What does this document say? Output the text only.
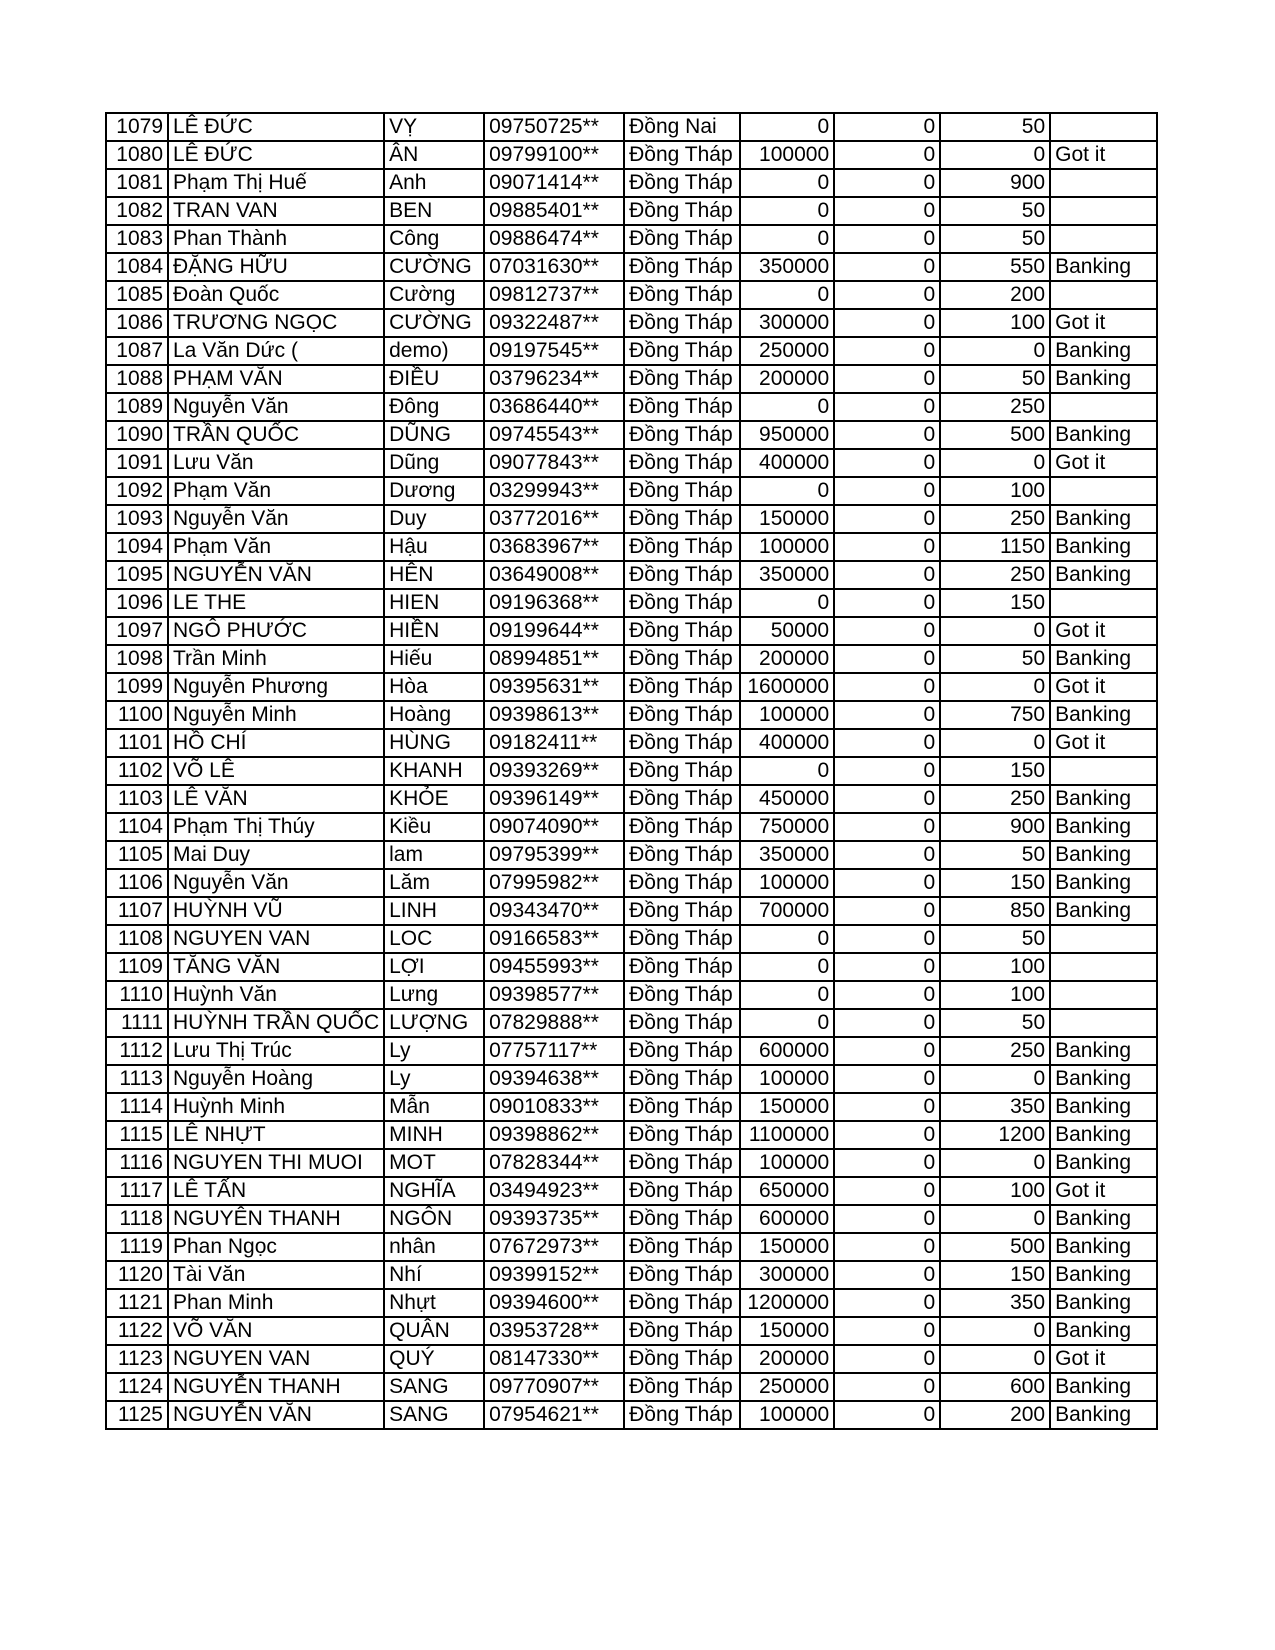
1079	LÊ ĐỨC	VỴ	09750725**	Đồng Nai	0	0	50	
1080	LÊ ĐỨC	ÂN	09799100**	Đồng Tháp	100000	0	0	Got it
1081	Phạm Thị Huế	Anh	09071414**	Đồng Tháp	0	0	900	
1082	TRAN VAN	BEN	09885401**	Đồng Tháp	0	0	50	
1083	Phan Thành	Công	09886474**	Đồng Tháp	0	0	50	
1084	ĐẶNG HỮU	CƯỜNG	07031630**	Đồng Tháp	350000	0	550	Banking
1085	Đoàn Quốc	Cường	09812737**	Đồng Tháp	0	0	200	
1086	TRƯƠNG NGỌC	CƯỜNG	09322487**	Đồng Tháp	300000	0	100	Got it
1087	La Văn Dức (	demo)	09197545**	Đồng Tháp	250000	0	0	Banking
1088	PHẠM VĂN	ĐIỀU	03796234**	Đồng Tháp	200000	0	50	Banking
1089	Nguyễn Văn	Đông	03686440**	Đồng Tháp	0	0	250	
1090	TRẦN QUỐC	DŨNG	09745543**	Đồng Tháp	950000	0	500	Banking
1091	Lưu Văn	Dũng	09077843**	Đồng Tháp	400000	0	0	Got it
1092	Phạm Văn	Dương	03299943**	Đồng Tháp	0	0	100	
1093	Nguyễn Văn	Duy	03772016**	Đồng Tháp	150000	0	250	Banking
1094	Phạm Văn	Hậu	03683967**	Đồng Tháp	100000	0	1150	Banking
1095	NGUYỄN VĂN	HÊN	03649008**	Đồng Tháp	350000	0	250	Banking
1096	LE THE	HIEN	09196368**	Đồng Tháp	0	0	150	
1097	NGÔ PHƯỚC	HIỀN	09199644**	Đồng Tháp	50000	0	0	Got it
1098	Trần Minh	Hiếu	08994851**	Đồng Tháp	200000	0	50	Banking
1099	Nguyễn Phương	Hòa	09395631**	Đồng Tháp	1600000	0	0	Got it
1100	Nguyễn Minh	Hoàng	09398613**	Đồng Tháp	100000	0	750	Banking
1101	HỒ CHÍ	HÙNG	09182411**	Đồng Tháp	400000	0	0	Got it
1102	VÕ LÊ	KHANH	09393269**	Đồng Tháp	0	0	150	
1103	LÊ VĂN	KHỎE	09396149**	Đồng Tháp	450000	0	250	Banking
1104	Phạm Thị Thúy	Kiều	09074090**	Đồng Tháp	750000	0	900	Banking
1105	Mai Duy	lam	09795399**	Đồng Tháp	350000	0	50	Banking
1106	Nguyễn Văn	Lăm	07995982**	Đồng Tháp	100000	0	150	Banking
1107	HUỲNH VŨ	LINH	09343470**	Đồng Tháp	700000	0	850	Banking
1108	NGUYEN VAN	LOC	09166583**	Đồng Tháp	0	0	50	
1109	TĂNG VĂN	LỢI	09455993**	Đồng Tháp	0	0	100	
1110	Huỳnh Văn	Lưng	09398577**	Đồng Tháp	0	0	100	
1111	HUỲNH TRẦN QUỐC	LƯỢNG	07829888**	Đồng Tháp	0	0	50	
1112	Lưu Thị Trúc	Ly	07757117**	Đồng Tháp	600000	0	250	Banking
1113	Nguyễn Hoàng	Ly	09394638**	Đồng Tháp	100000	0	0	Banking
1114	Huỳnh Minh	Mẫn	09010833**	Đồng Tháp	150000	0	350	Banking
1115	LÊ NHỰT	MINH	09398862**	Đồng Tháp	1100000	0	1200	Banking
1116	NGUYEN THI MUOI	MOT	07828344**	Đồng Tháp	100000	0	0	Banking
1117	LÊ TẤN	NGHĨA	03494923**	Đồng Tháp	650000	0	100	Got it
1118	NGUYÊN THANH	NGÔN	09393735**	Đồng Tháp	600000	0	0	Banking
1119	Phan Ngọc	nhân	07672973**	Đồng Tháp	150000	0	500	Banking
1120	Tài Văn	Nhí	09399152**	Đồng Tháp	300000	0	150	Banking
1121	Phan Minh	Nhựt	09394600**	Đồng Tháp	1200000	0	350	Banking
1122	VÕ VĂN	QUÂN	03953728**	Đồng Tháp	150000	0	0	Banking
1123	NGUYEN VAN	QUÝ	08147330**	Đồng Tháp	200000	0	0	Got it
1124	NGUYỄN THANH	SANG	09770907**	Đồng Tháp	250000	0	600	Banking
1125	NGUYỄN VĂN	SANG	07954621**	Đồng Tháp	100000	0	200	Banking
